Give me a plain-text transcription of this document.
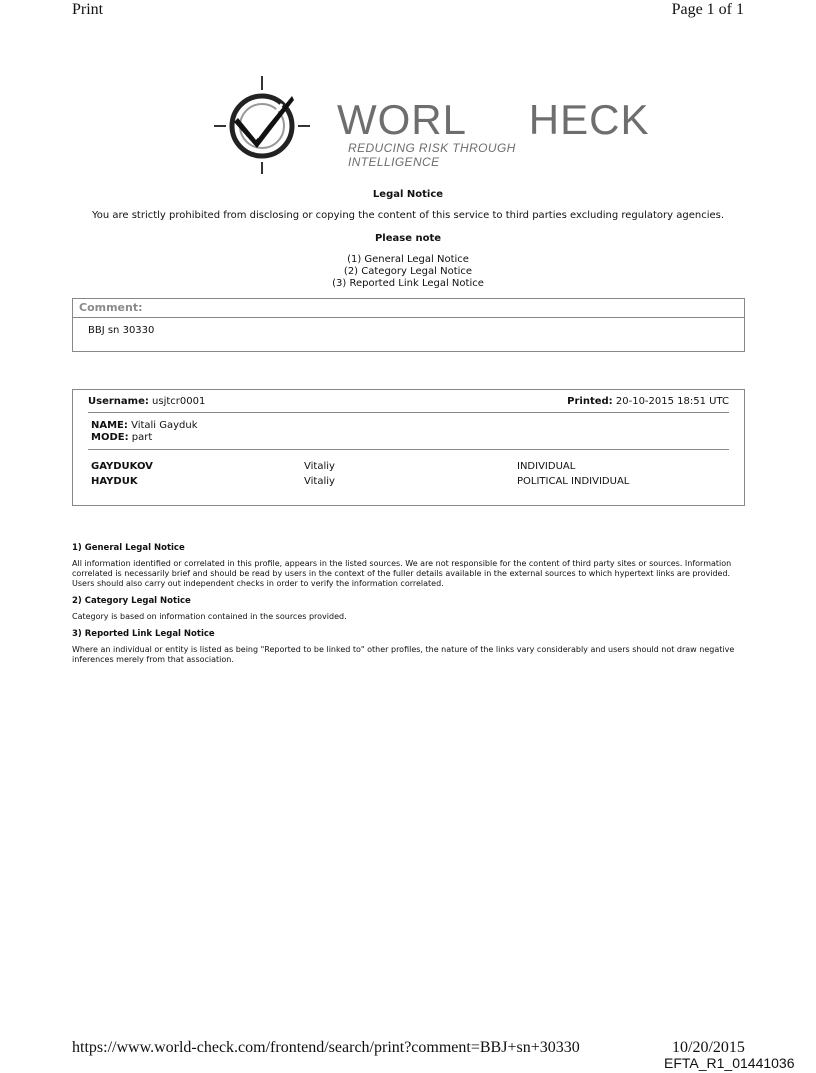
Print	Page 1 of 1
WORL     HECK
REDUCING RISK THROUGH INTELLIGENCE
Legal Notice
You are strictly prohibited from disclosing or copying the content of this service to third parties excluding regulatory agencies.
Please note
(1) General Legal Notice
(2) Category Legal Notice
(3) Reported Link Legal Notice
Comment:
BBJ sn 30330
Username: usjtcr0001	Printed: 20-10-2015 18:51 UTC
NAME: Vitali Gayduk
MODE: part
GAYDUKOV	Vitaliy	INDIVIDUAL
HAYDUK	Vitaliy	POLITICAL INDIVIDUAL
1) General Legal Notice

All information identified or correlated in this profile, appears in the listed sources. We are not responsible for the content of third party sites or sources. Information correlated is necessarily brief and should be read by users in the context of the fuller details available in the external sources to which hypertext links are provided. Users should also carry out independent checks in order to verify the information correlated.

2) Category Legal Notice

Category is based on information contained in the sources provided.

3) Reported Link Legal Notice

Where an individual or entity is listed as being "Reported to be linked to" other profiles, the nature of the links vary considerably and users should not draw negative inferences merely from that association.

https://www.world-check.com/frontend/search/print?comment=BBJ+sn+30330	10/20/2015
EFTA_R1_01441036
